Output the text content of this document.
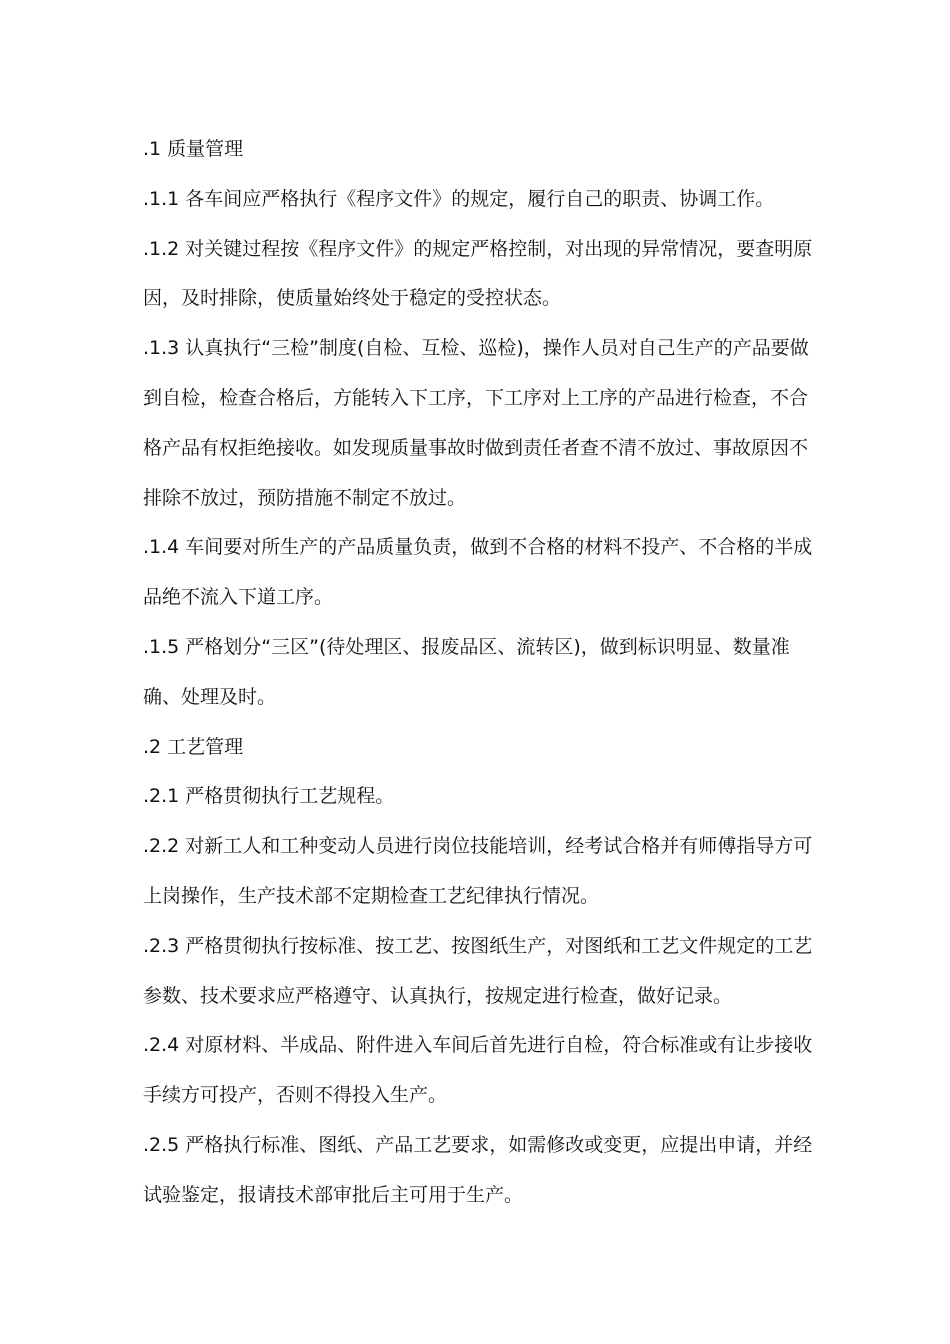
.1 质量管理

.1.1 各车间应严格执行《程序文件》的规定，履行自己的职责、协调工作。

.1.2 对关键过程按《程序文件》的规定严格控制，对出现的异常情况，要查明原因，及时排除，使质量始终处于稳定的受控状态。

.1.3 认真执行“三检”制度(自检、互检、巡检)，操作人员对自己生产的产品要做到自检，检查合格后，方能转入下工序，下工序对上工序的产品进行检查，不合格产品有权拒绝接收。如发现质量事故时做到责任者查不清不放过、事故原因不排除不放过，预防措施不制定不放过。

.1.4 车间要对所生产的产品质量负责，做到不合格的材料不投产、不合格的半成品绝不流入下道工序。

.1.5 严格划分“三区”(待处理区、报废品区、流转区)，做到标识明显、数量准确、处理及时。

.2 工艺管理

.2.1 严格贯彻执行工艺规程。

.2.2 对新工人和工种变动人员进行岗位技能培训，经考试合格并有师傅指导方可上岗操作，生产技术部不定期检查工艺纪律执行情况。

.2.3 严格贯彻执行按标准、按工艺、按图纸生产，对图纸和工艺文件规定的工艺参数、技术要求应严格遵守、认真执行，按规定进行检查，做好记录。

.2.4 对原材料、半成品、附件进入车间后首先进行自检，符合标准或有让步接收手续方可投产，否则不得投入生产。

.2.5 严格执行标准、图纸、产品工艺要求，如需修改或变更，应提出申请，并经试验鉴定，报请技术部审批后主可用于生产。
